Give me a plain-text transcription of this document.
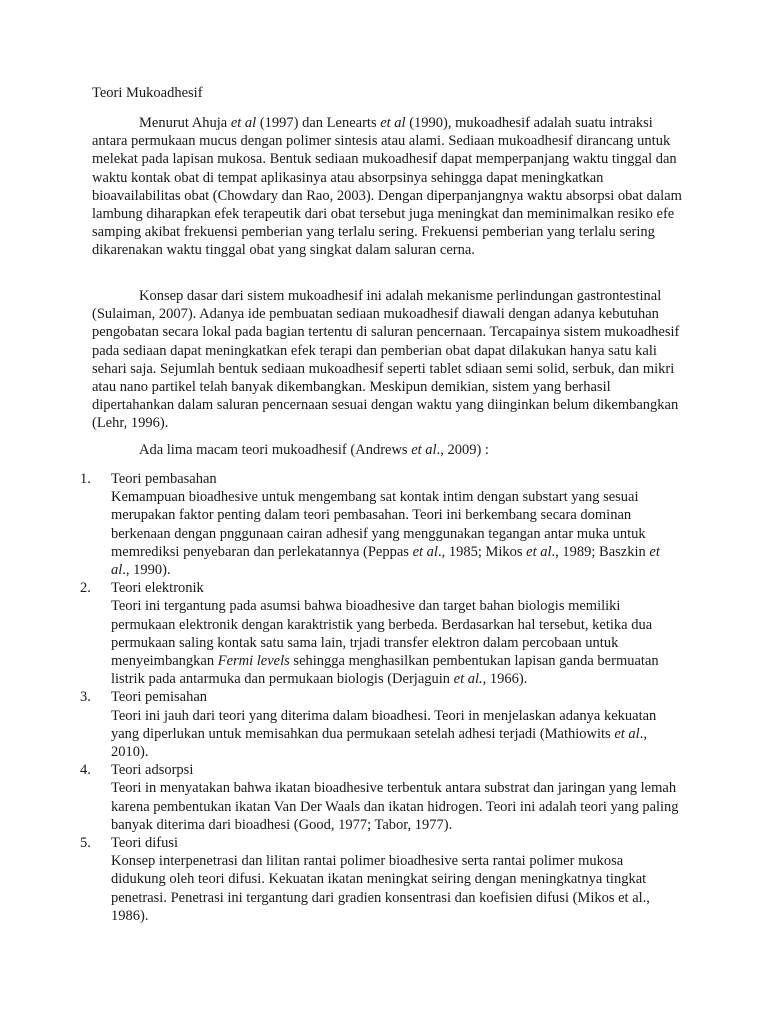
Teori Mukoadhesif

Menurut Ahuja et al (1997) dan Lenearts et al (1990), mukoadhesif adalah suatu intraksi antara permukaan mucus dengan polimer sintesis atau alami. Sediaan mukoadhesif dirancang untuk melekat pada lapisan mukosa. Bentuk sediaan mukoadhesif dapat memperpanjang waktu tinggal dan waktu kontak obat di tempat aplikasinya atau absorpsinya sehingga dapat meningkatkan bioavailabilitas obat (Chowdary dan Rao, 2003). Dengan diperpanjangnya waktu absorpsi obat dalam lambung diharapkan efek terapeutik dari obat tersebut juga meningkat dan meminimalkan resiko efe samping akibat frekuensi pemberian yang terlalu sering. Frekuensi pemberian yang terlalu sering dikarenakan waktu tinggal obat yang singkat dalam saluran cerna.

Konsep dasar dari sistem mukoadhesif ini adalah mekanisme perlindungan gastrontestinal (Sulaiman, 2007). Adanya ide pembuatan sediaan mukoadhesif diawali dengan adanya kebutuhan pengobatan secara lokal pada bagian tertentu di saluran pencernaan. Tercapainya sistem mukoadhesif pada sediaan dapat meningkatkan efek terapi dan pemberian obat dapat dilakukan hanya satu kali sehari saja. Sejumlah bentuk sediaan mukoadhesif seperti tablet sdiaan semi solid, serbuk, dan mikri atau nano partikel telah banyak dikembangkan. Meskipun demikian, sistem yang berhasil dipertahankan dalam saluran pencernaan sesuai dengan waktu yang diinginkan belum dikembangkan (Lehr, 1996).

Ada lima macam teori mukoadhesif (Andrews et al., 2009) :

1.	Teori pembasahan
Kemampuan bioadhesive untuk mengembang sat kontak intim dengan substart yang sesuai merupakan faktor penting dalam teori pembasahan. Teori ini berkembang secara dominan berkenaan dengan pnggunaan cairan adhesif yang menggunakan tegangan antar muka untuk memrediksi penyebaran dan perlekatannya (Peppas et al., 1985; Mikos et al., 1989; Baszkin et al., 1990).
2.	Teori elektronik
Teori ini tergantung pada asumsi bahwa bioadhesive dan target bahan biologis memiliki permukaan elektronik dengan karaktristik yang berbeda. Berdasarkan hal tersebut, ketika dua permukaan saling kontak satu sama lain, trjadi transfer elektron dalam percobaan untuk menyeimbangkan Fermi levels sehingga menghasilkan pembentukan lapisan ganda bermuatan listrik pada antarmuka dan permukaan biologis (Derjaguin et al., 1966).
3.	Teori pemisahan
Teori ini jauh dari teori yang diterima dalam bioadhesi. Teori in menjelaskan adanya kekuatan yang diperlukan untuk memisahkan dua permukaan setelah adhesi terjadi (Mathiowits et al., 2010).
4.	Teori adsorpsi
Teori in menyatakan bahwa ikatan bioadhesive terbentuk antara substrat dan jaringan yang lemah karena pembentukan ikatan Van Der Waals dan ikatan hidrogen. Teori ini adalah teori yang paling banyak diterima dari bioadhesi (Good, 1977; Tabor, 1977).
5.	Teori difusi
Konsep interpenetrasi dan lilitan rantai polimer bioadhesive serta rantai polimer mukosa didukung oleh teori difusi. Kekuatan ikatan meningkat seiring dengan meningkatnya tingkat penetrasi. Penetrasi ini tergantung dari gradien konsentrasi dan koefisien difusi (Mikos et al., 1986).
